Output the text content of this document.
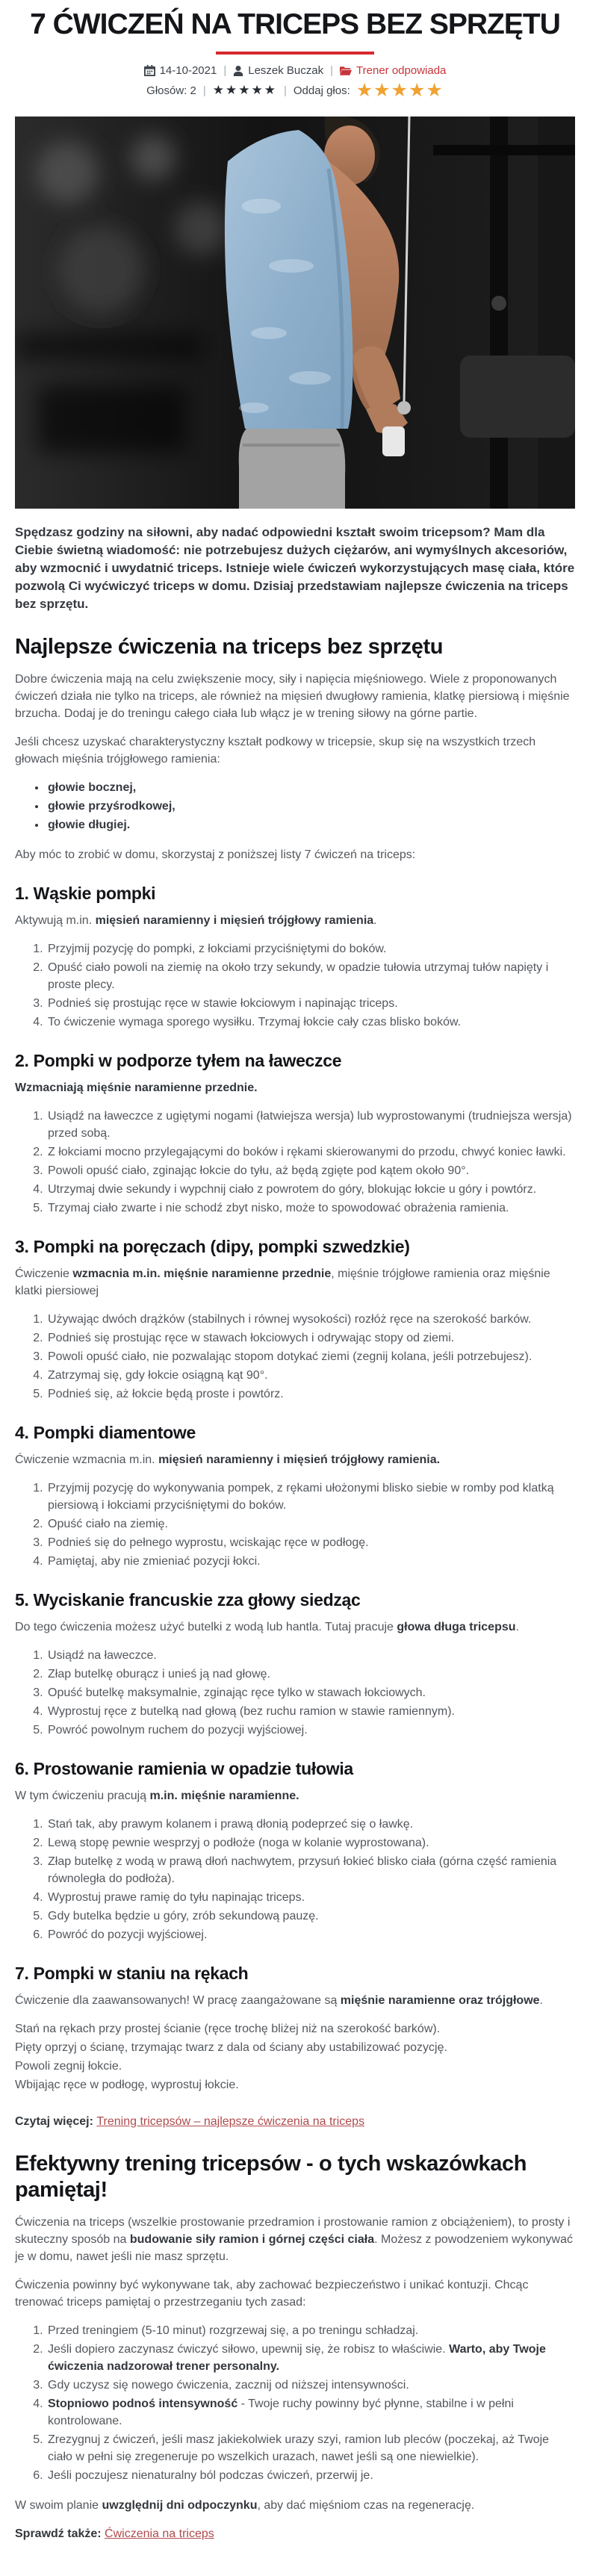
7 ĆWICZEŃ NA TRICEPS BEZ SPRZĘTU
14-10-2021 | Leszek Buczak | Trener odpowiada
Głosów: 2 | ★★★★★ | Oddaj głos: ★★★★★
Spędzasz godziny na siłowni, aby nadać odpowiedni kształt swoim tricepsom? Mam dla Ciebie świetną wiadomość: nie potrzebujesz dużych ciężarów, ani wymyślnych akcesoriów, aby wzmocnić i uwydatnić triceps. Istnieje wiele ćwiczeń wykorzystujących masę ciała, które pozwolą Ci wyćwiczyć triceps w domu. Dzisiaj przedstawiam najlepsze ćwiczenia na triceps bez sprzętu.
Najlepsze ćwiczenia na triceps bez sprzętu

Dobre ćwiczenia mają na celu zwiększenie mocy, siły i napięcia mięśniowego. Wiele z proponowanych ćwiczeń działa nie tylko na triceps, ale również na mięsień dwugłowy ramienia, klatkę piersiową i mięśnie brzucha. Dodaj je do treningu całego ciała lub włącz je w trening siłowy na górne partie.

Jeśli chcesz uzyskać charakterystyczny kształt podkowy w tricepsie, skup się na wszystkich trzech głowach mięśnia trójgłowego ramienia:

• głowie bocznej,
• głowie przyśrodkowej,
• głowie długiej.

Aby móc to zrobić w domu, skorzystaj z poniższej listy 7 ćwiczeń na triceps:

1. Wąskie pompki

Aktywują m.in. mięsień naramienny i mięsień trójgłowy ramienia.

1. Przyjmij pozycję do pompki, z łokciami przyciśniętymi do boków.
2. Opuść ciało powoli na ziemię na około trzy sekundy, w opadzie tułowia utrzymaj tułów napięty i proste plecy.
3. Podnieś się prostując ręce w stawie łokciowym i napinając triceps.
4. To ćwiczenie wymaga sporego wysiłku. Trzymaj łokcie cały czas blisko boków.
2. Pompki w podporze tyłem na ławeczce

Wzmacniają mięśnie naramienne przednie.

1. Usiądź na ławeczce z ugiętymi nogami (łatwiejsza wersja) lub wyprostowanymi (trudniejsza wersja) przed sobą.
2. Z łokciami mocno przylegającymi do boków i rękami skierowanymi do przodu, chwyć koniec ławki.
3. Powoli opuść ciało, zginając łokcie do tyłu, aż będą zgięte pod kątem około 90°.
4. Utrzymaj dwie sekundy i wypchnij ciało z powrotem do góry, blokując łokcie u góry i powtórz.
5. Trzymaj ciało zwarte i nie schodź zbyt nisko, może to spowodować obrażenia ramienia.
3. Pompki na poręczach (dipy, pompki szwedzkie)

Ćwiczenie wzmacnia m.in. mięśnie naramienne przednie, mięśnie trójgłowe ramienia oraz mięśnie klatki piersiowej

1. Używając dwóch drążków (stabilnych i równej wysokości) rozłóż ręce na szerokość barków.
2. Podnieś się prostując ręce w stawach łokciowych i odrywając stopy od ziemi.
3. Powoli opuść ciało, nie pozwalając stopom dotykać ziemi (zegnij kolana, jeśli potrzebujesz).
4. Zatrzymaj się, gdy łokcie osiągną kąt 90°.
5. Podnieś się, aż łokcie będą proste i powtórz.
4. Pompki diamentowe

Ćwiczenie wzmacnia m.in. mięsień naramienny i mięsień trójgłowy ramienia.

1. Przyjmij pozycję do wykonywania pompek, z rękami ułożonymi blisko siebie w romby pod klatką piersiową i łokciami przyciśniętymi do boków.
2. Opuść ciało na ziemię.
3. Podnieś się do pełnego wyprostu, wciskając ręce w podłogę.
4. Pamiętaj, aby nie zmieniać pozycji łokci.
5. Wyciskanie francuskie zza głowy siedząc

Do tego ćwiczenia możesz użyć butelki z wodą lub hantla. Tutaj pracuje głowa długa tricepsu.

1. Usiądź na ławeczce.
2. Złap butelkę oburącz i unieś ją nad głowę.
3. Opuść butelkę maksymalnie, zginając ręce tylko w stawach łokciowych.
4. Wyprostuj ręce z butelką nad głową (bez ruchu ramion w stawie ramiennym).
5. Powróć powolnym ruchem do pozycji wyjściowej.
6. Prostowanie ramienia w opadzie tułowia

W tym ćwiczeniu pracują m.in. mięśnie naramienne.

1. Stań tak, aby prawym kolanem i prawą dłonią podeprzeć się o ławkę.
2. Lewą stopę pewnie wesprzyj o podłoże (noga w kolanie wyprostowana).
3. Złap butelkę z wodą w prawą dłoń nachwytem, przysuń łokieć blisko ciała (górna część ramienia równoległa do podłoża).
4. Wyprostuj prawe ramię do tyłu napinając triceps.
5. Gdy butelka będzie u góry, zrób sekundową pauzę.
6. Powróć do pozycji wyjściowej.
7. Pompki w staniu na rękach

Ćwiczenie dla zaawansowanych! W pracę zaangażowane są mięśnie naramienne oraz trójgłowe.

Stań na rękach przy prostej ścianie (ręce trochę bliżej niż na szerokość barków).

Pięty oprzyj o ścianę, trzymając twarz z dala od ściany aby ustabilizować pozycję.

Powoli zegnij łokcie.

Wbijając ręce w podłogę, wyprostuj łokcie.

Czytaj więcej: Trening tricepsów – najlepsze ćwiczenia na triceps

Efektywny trening tricepsów - o tych wskazówkach pamiętaj!

Ćwiczenia na triceps (wszelkie prostowanie przedramion i prostowanie ramion z obciążeniem), to prosty i skuteczny sposób na budowanie siły ramion i górnej części ciała. Możesz z powodzeniem wykonywać je w domu, nawet jeśli nie masz sprzętu.

Ćwiczenia powinny być wykonywane tak, aby zachować bezpieczeństwo i unikać kontuzji. Chcąc trenować triceps pamiętaj o przestrzeganiu tych zasad:

1. Przed treningiem (5-10 minut) rozgrzewaj się, a po treningu schładzaj.
2. Jeśli dopiero zaczynasz ćwiczyć siłowo, upewnij się, że robisz to właściwie. Warto, aby Twoje ćwiczenia nadzorował trener personalny.
3. Gdy uczysz się nowego ćwiczenia, zacznij od niższej intensywności.
4. Stopniowo podnoś intensywność - Twoje ruchy powinny być płynne, stabilne i w pełni kontrolowane.
5. Zrezygnuj z ćwiczeń, jeśli masz jakiekolwiek urazy szyi, ramion lub pleców (poczekaj, aż Twoje ciało w pełni się zregeneruje po wszelkich urazach, nawet jeśli są one niewielkie).
6. Jeśli poczujesz nienaturalny ból podczas ćwiczeń, przerwij je.

W swoim planie uwzględnij dni odpoczynku, aby dać mięśniom czas na regenerację.

Sprawdź także: Ćwiczenia na triceps
